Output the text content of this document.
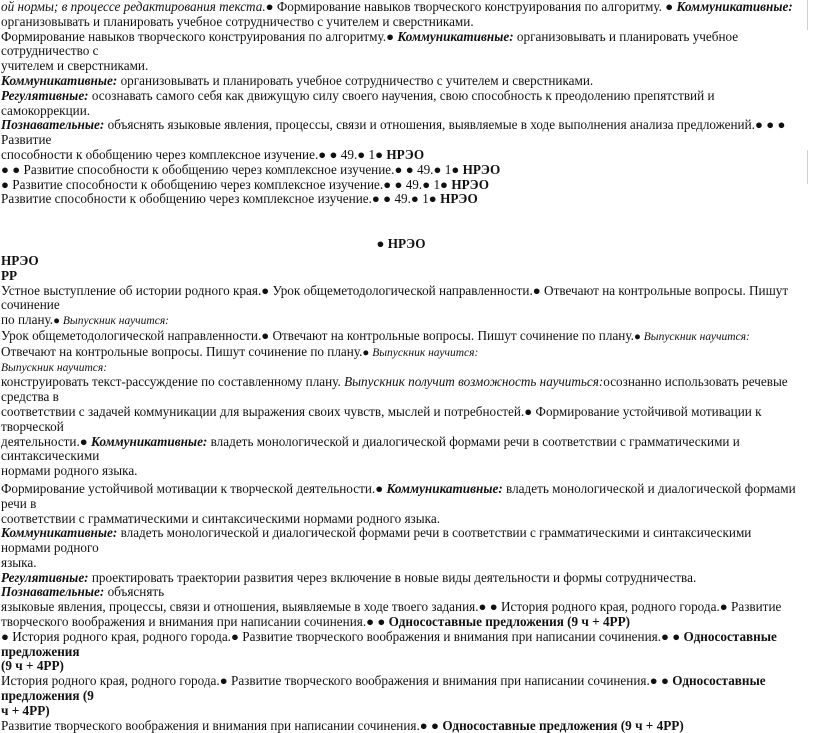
ой нормы; в процессе редактирования текста.● Формирование навыков творческого конструирования по алгоритму. ● Коммуникативные:

организовывать и планировать учебное сотрудничество с учителем и сверстниками.

Формирование навыков творческого конструирования по алгоритму.● Коммуникативные: организовывать и планировать учебное сотрудничество с

учителем и сверстниками.

Коммуникативные: организовывать и планировать учебное сотрудничество с учителем и сверстниками.

Регулятивные: осознавать самого себя как движущую силу своего научения, свою способность к преодолению препятствий и самокоррекции.

Познавательные: объяснять языковые явления, процессы, связи и отношения, выявляемые в ходе выполнения анализа предложений.● ● ● Развитие

способности к обобщению через комплексное изучение.● ● 49.● 1● НРЭО

● ● Развитие способности к обобщению через комплексное изучение.● ● 49.● 1● НРЭО

● Развитие способности к обобщению через комплексное изучение.● ● 49.● 1● НРЭО

Развитие способности к обобщению через комплексное изучение.● ● 49.● 1● НРЭО

● НРЭО

НРЭО

РР

Устное выступление об истории родного края.● Урок общеметодологической направленности.● Отвечают на контрольные вопросы. Пишут сочинение

по плану.● Выпускник научится:

Урок общеметодологической направленности.● Отвечают на контрольные вопросы. Пишут сочинение по плану.● Выпускник научится:

Отвечают на контрольные вопросы. Пишут сочинение по плану.● Выпускник научится:

Выпускник научится:

конструировать текст-рассуждение по составленному плану. Выпускник получит возможность научиться:осознанно использовать речевые средства в

соответствии с задачей коммуникации для выражения своих чувств, мыслей и потребностей.● Формирование устойчивой мотивации к творческой

деятельности.● Коммуникативные: владеть монологической и диалогической формами речи в соответствии с грамматическими и синтаксическими

нормами родного языка.

Формирование устойчивой мотивации к творческой деятельности.● Коммуникативные: владеть монологической и диалогической формами речи в

соответствии с грамматическими и синтаксическими нормами родного языка.

Коммуникативные: владеть монологической и диалогической формами речи в соответствии с грамматическими и синтаксическими нормами родного

языка.

Регулятивные: проектировать траектории развития через включение в новые виды деятельности и формы сотрудничества. Познавательные: объяснять

языковые явления, процессы, связи и отношения, выявляемые в ходе твоего задания.● ● История родного края, родного города.● Развитие

творческого воображения и внимания при написании сочинения.● ● Односоставные предложения (9 ч + 4РР)

● История родного края, родного города.● Развитие творческого воображения и внимания при написании сочинения.● ● Односоставные предложения

(9 ч + 4РР)

История родного края, родного города.● Развитие творческого воображения и внимания при написании сочинения.● ● Односоставные предложения (9

ч + 4РР)

Развитие творческого воображения и внимания при написании сочинения.● ● Односоставные предложения (9 ч + 4РР)
